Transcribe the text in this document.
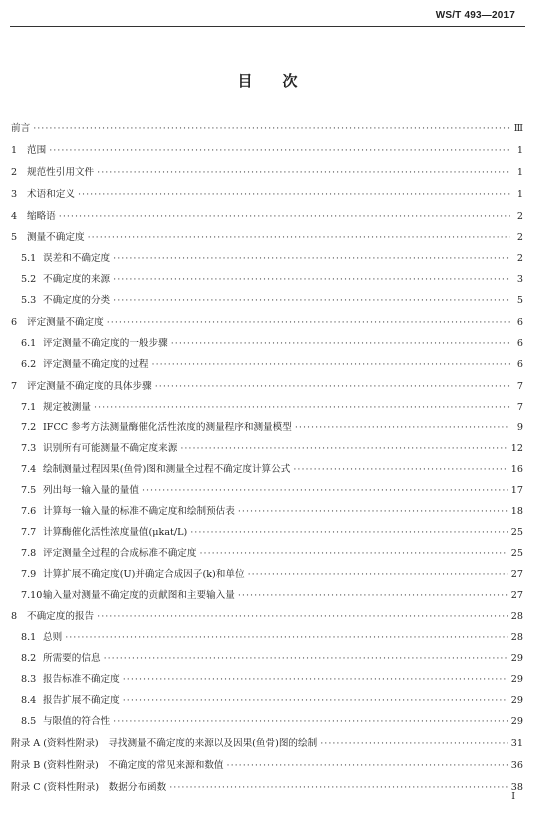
WS/T 493—2017
目　　次
前言 ·····	Ⅲ
1	范围 ·····	1
2	规范性引用文件 ·····	1
3	术语和定义 ·····	1
4	缩略语 ·····	2
5	测量不确定度 ·····	2
5.1 误差和不确定度 ·····	2
5.2 不确定度的来源 ·····	3
5.3 不确定度的分类 ·····	5
6	评定测量不确定度 ·····	6
6.1 评定测量不确定度的一般步骤 ·····	6
6.2 评定测量不确定度的过程 ·····	6
7	评定测量不确定度的具体步骤 ·····	7
7.1 规定被测量 ·····	7
7.2 IFCC 参考方法测量酶催化活性浓度的测量程序和测量模型 ·····	9
7.3 识别所有可能测量不确定度来源 ·····	12
7.4 绘制测量过程因果(鱼骨)图和测量全过程不确定度计算公式 ·····	16
7.5 列出每一输入量的量值 ·····	17
7.6 计算每一输入量的标准不确定度和绘制预估表 ·····	18
7.7 计算酶催化活性浓度量值(μkat/L) ·····	25
7.8 评定测量全过程的合成标准不确定度 ·····	25
7.9 计算扩展不确定度(U)并确定合成因子(k)和单位 ·····	27
7.10 输入量对测量不确定度的贡献图和主要输入量 ·····	27
8	不确定度的报告 ·····	28
8.1 总则 ·····	28
8.2 所需要的信息 ·····	29
8.3 报告标准不确定度 ·····	29
8.4 报告扩展不确定度 ·····	29
8.5 与限值的符合性 ·····	29
附录 A (资料性附录)　寻找测量不确定度的来源以及因果(鱼骨)图的绘制 ·····	31
附录 B (资料性附录)　不确定度的常见来源和数值 ·····	36
附录 C (资料性附录)　数据分布函数 ·····	38
I
